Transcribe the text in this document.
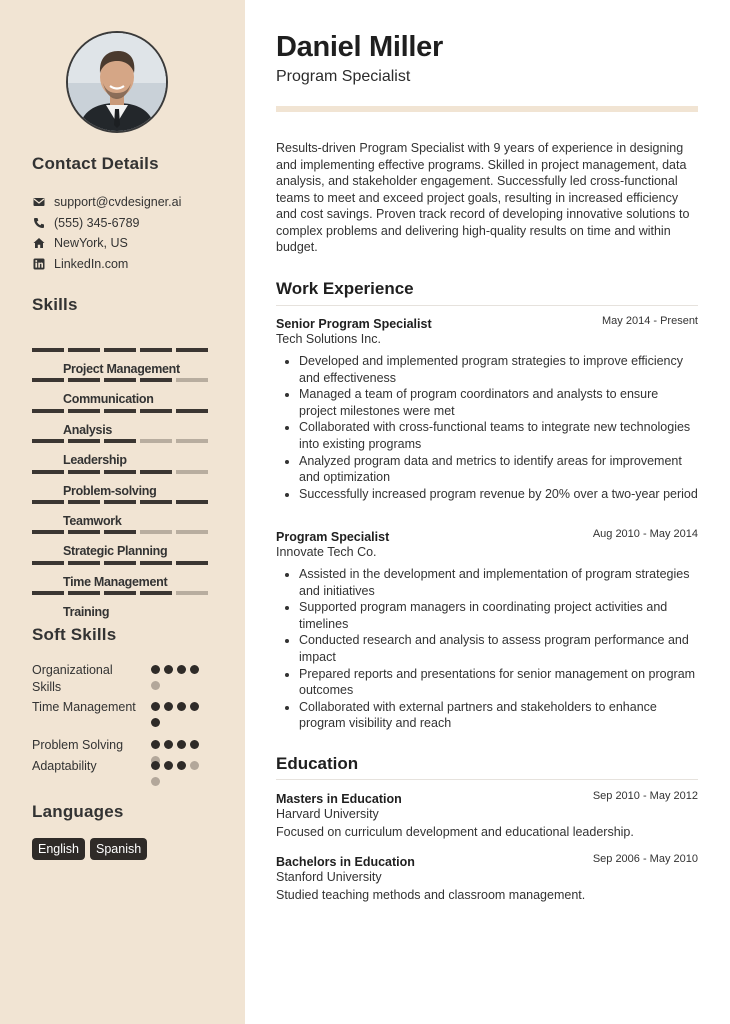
Contact Details
support@cvdesigner.ai
(555) 345-6789
NewYork, US
LinkedIn.com
Skills
Project Management
Communication
Analysis
Leadership
Problem-solving
Teamwork
Strategic Planning
Time Management
Training
Soft Skills
Organizational Skills
Time Management
Problem Solving
Adaptability
Languages
English	Spanish
Daniel Miller

Program Specialist

Results-driven Program Specialist with 9 years of experience in designing and implementing effective programs. Skilled in project management, data analysis, and stakeholder engagement. Successfully led cross-functional teams to meet and exceed project goals, resulting in increased efficiency and cost savings. Proven track record of developing innovative solutions to complex problems and delivering high-quality results on time and within budget.

Work Experience
Senior Program Specialist	May 2014 - Present
Tech Solutions Inc.
• Developed and implemented program strategies to improve efficiency and effectiveness
• Managed a team of program coordinators and analysts to ensure project milestones were met
• Collaborated with cross-functional teams to integrate new technologies into existing programs
• Analyzed program data and metrics to identify areas for improvement and optimization
• Successfully increased program revenue by 20% over a two-year period
Program Specialist	Aug 2010 - May 2014
Innovate Tech Co.
• Assisted in the development and implementation of program strategies and initiatives
• Supported program managers in coordinating project activities and timelines
• Conducted research and analysis to assess program performance and impact
• Prepared reports and presentations for senior management on program outcomes
• Collaborated with external partners and stakeholders to enhance program visibility and reach
Education
Masters in Education	Sep 2010 - May 2012
Harvard University
Focused on curriculum development and educational leadership.
Bachelors in Education	Sep 2006 - May 2010
Stanford University
Studied teaching methods and classroom management.
